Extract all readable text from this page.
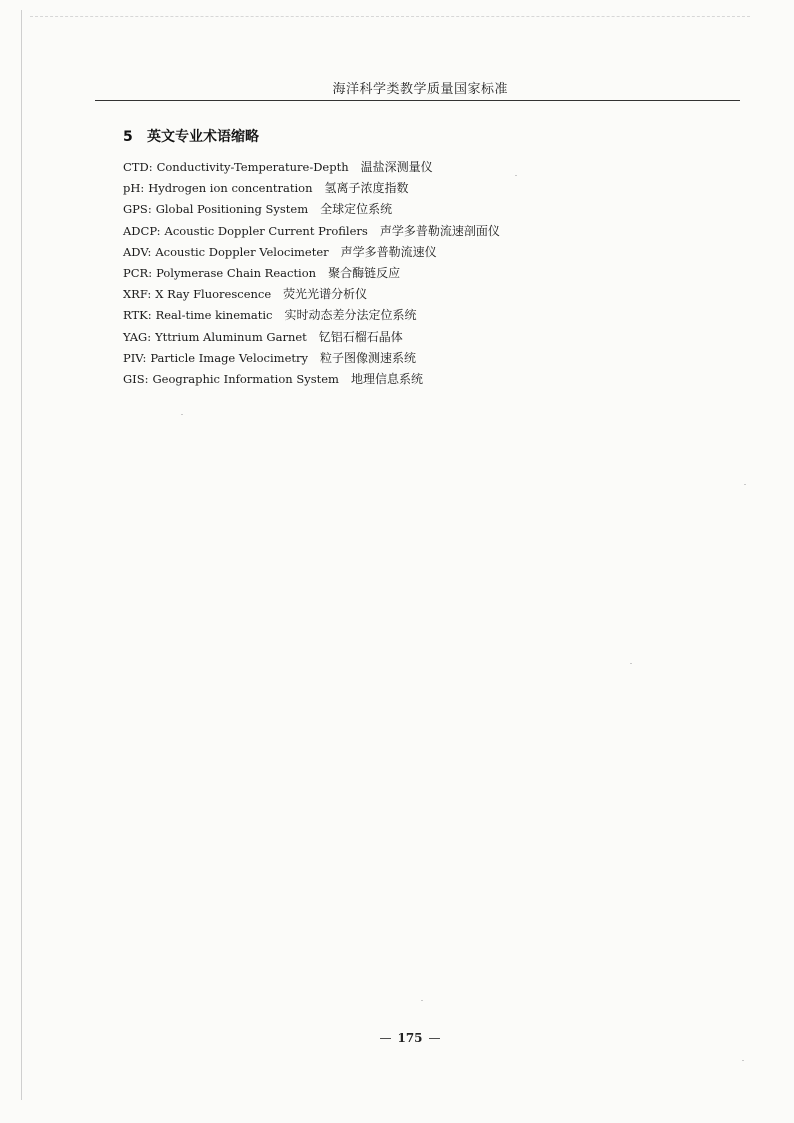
海洋科学类教学质量国家标准
5 英文专业术语缩略
CTD: Conductivity-Temperature-Depth 温盐深测量仪
pH: Hydrogen ion concentration 氢离子浓度指数
GPS: Global Positioning System 全球定位系统
ADCP: Acoustic Doppler Current Profilers 声学多普勒流速剖面仪
ADV: Acoustic Doppler Velocimeter 声学多普勒流速仪
PCR: Polymerase Chain Reaction 聚合酶链反应
XRF: X Ray Fluorescence 荧光光谱分析仪
RTK: Real-time kinematic 实时动态差分法定位系统
YAG: Yttrium Aluminum Garnet 钇铝石榴石晶体
PIV: Particle Image Velocimetry 粒子图像测速系统
GIS: Geographic Information System 地理信息系统
— 175 —
